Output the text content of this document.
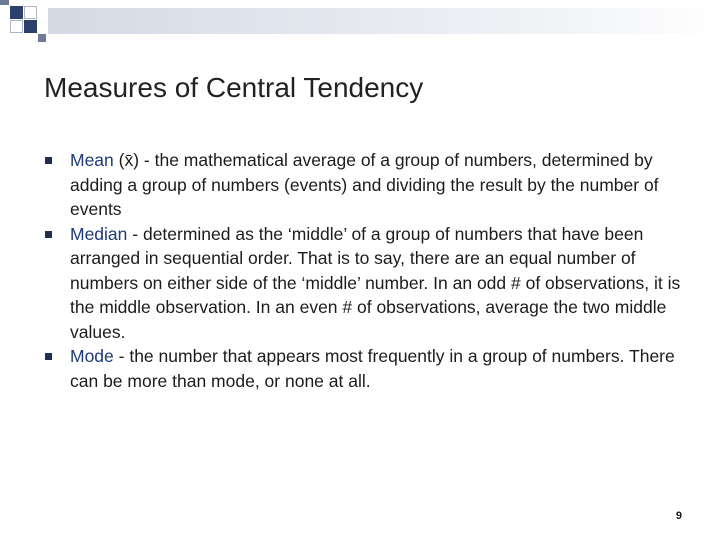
Measures of Central Tendency
Mean (x̄) - the mathematical average of a group of numbers, determined by adding a group of numbers (events) and dividing the result by the number of events
Median - determined as the ‘middle’ of a group of numbers that have been arranged in sequential order. That is to say, there are an equal number of numbers on either side of the ‘middle’ number. In an odd # of observations, it is the middle observation. In an even # of observations, average the two middle values.
Mode - the number that appears most frequently in a group of numbers. There can be more than mode, or none at all.
9
